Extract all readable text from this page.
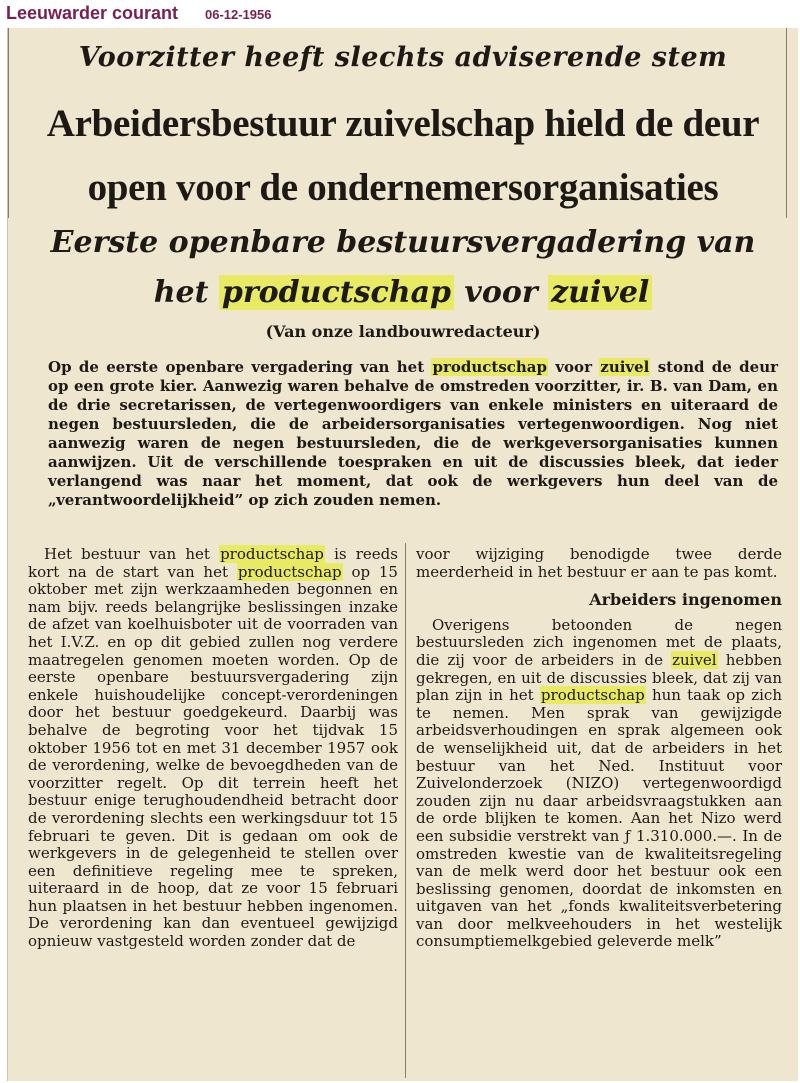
Leeuwarder courant 06-12-1956
Voorzitter heeft slechts adviserende stem
Arbeidersbestuur zuivelschap hield de deur
open voor de ondernemersorganisaties
Eerste openbare bestuursvergadering van
het productschap voor zuivel
(Van onze landbouwredacteur)
Op de eerste openbare vergadering van het productschap voor zuivel stond de deur op een grote kier. Aanwezig waren behalve de omstreden voorzitter, ir. B. van Dam, en de drie secretarissen, de vertegenwoordigers van enkele ministers en uiteraard de negen bestuursleden, die de arbeidersorganisaties vertegenwoordigen. Nog niet aanwezig waren de negen bestuursleden, die de werkgeversorganisaties kunnen aanwijzen. Uit de verschillende toespraken en uit de discussies bleek, dat ieder verlangend was naar het moment, dat ook de werkgevers hun deel van de „verantwoordelijkheid” op zich zouden nemen.

Het bestuur van het productschap is reeds kort na de start van het productschap op 15 oktober met zijn werkzaamheden begonnen en nam bijv. reeds belangrijke beslissingen inzake de afzet van koelhuisboter uit de voorraden van het I.V.Z. en op dit gebied zullen nog verdere maatregelen genomen moeten worden. Op de eerste openbare bestuursvergadering zijn enkele huishoudelijke concept-verordeningen door het bestuur goedgekeurd. Daarbij was behalve de begroting voor het tijdvak 15 oktober 1956 tot en met 31 december 1957 ook de verordening, welke de bevoegdheden van de voorzitter regelt. Op dit terrein heeft het bestuur enige terughoudendheid betracht door de verordening slechts een werkingsduur tot 15 februari te geven. Dit is gedaan om ook de werkgevers in de gelegenheid te stellen over een definitieve regeling mee te spreken, uiteraard in de hoop, dat ze voor 15 februari hun plaatsen in het bestuur hebben ingenomen. De verordening kan dan eventueel gewijzigd opnieuw vastgesteld worden zonder dat de

voor wijziging benodigde twee derde meerderheid in het bestuur er aan te pas komt.

Arbeiders ingenomen

Overigens betoonden de negen bestuursleden zich ingenomen met de plaats, die zij voor de arbeiders in de zuivel hebben gekregen, en uit de discussies bleek, dat zij van plan zijn in het productschap hun taak op zich te nemen. Men sprak van gewijzigde arbeidsverhoudingen en sprak algemeen ook de wenselijkheid uit, dat de arbeiders in het bestuur van het Ned. Instituut voor Zuivelonderzoek (NIZO) vertegenwoordigd zouden zijn nu daar arbeidsvraagstukken aan de orde blijken te komen. Aan het Nizo werd een subsidie verstrekt van ƒ 1.310.000.—. In de omstreden kwestie van de kwaliteitsregeling van de melk werd door het bestuur ook een beslissing genomen, doordat de inkomsten en uitgaven van het „fonds kwaliteitsverbetering van door melkveehouders in het westelijk consumptiemelkgebied geleverde melk”
